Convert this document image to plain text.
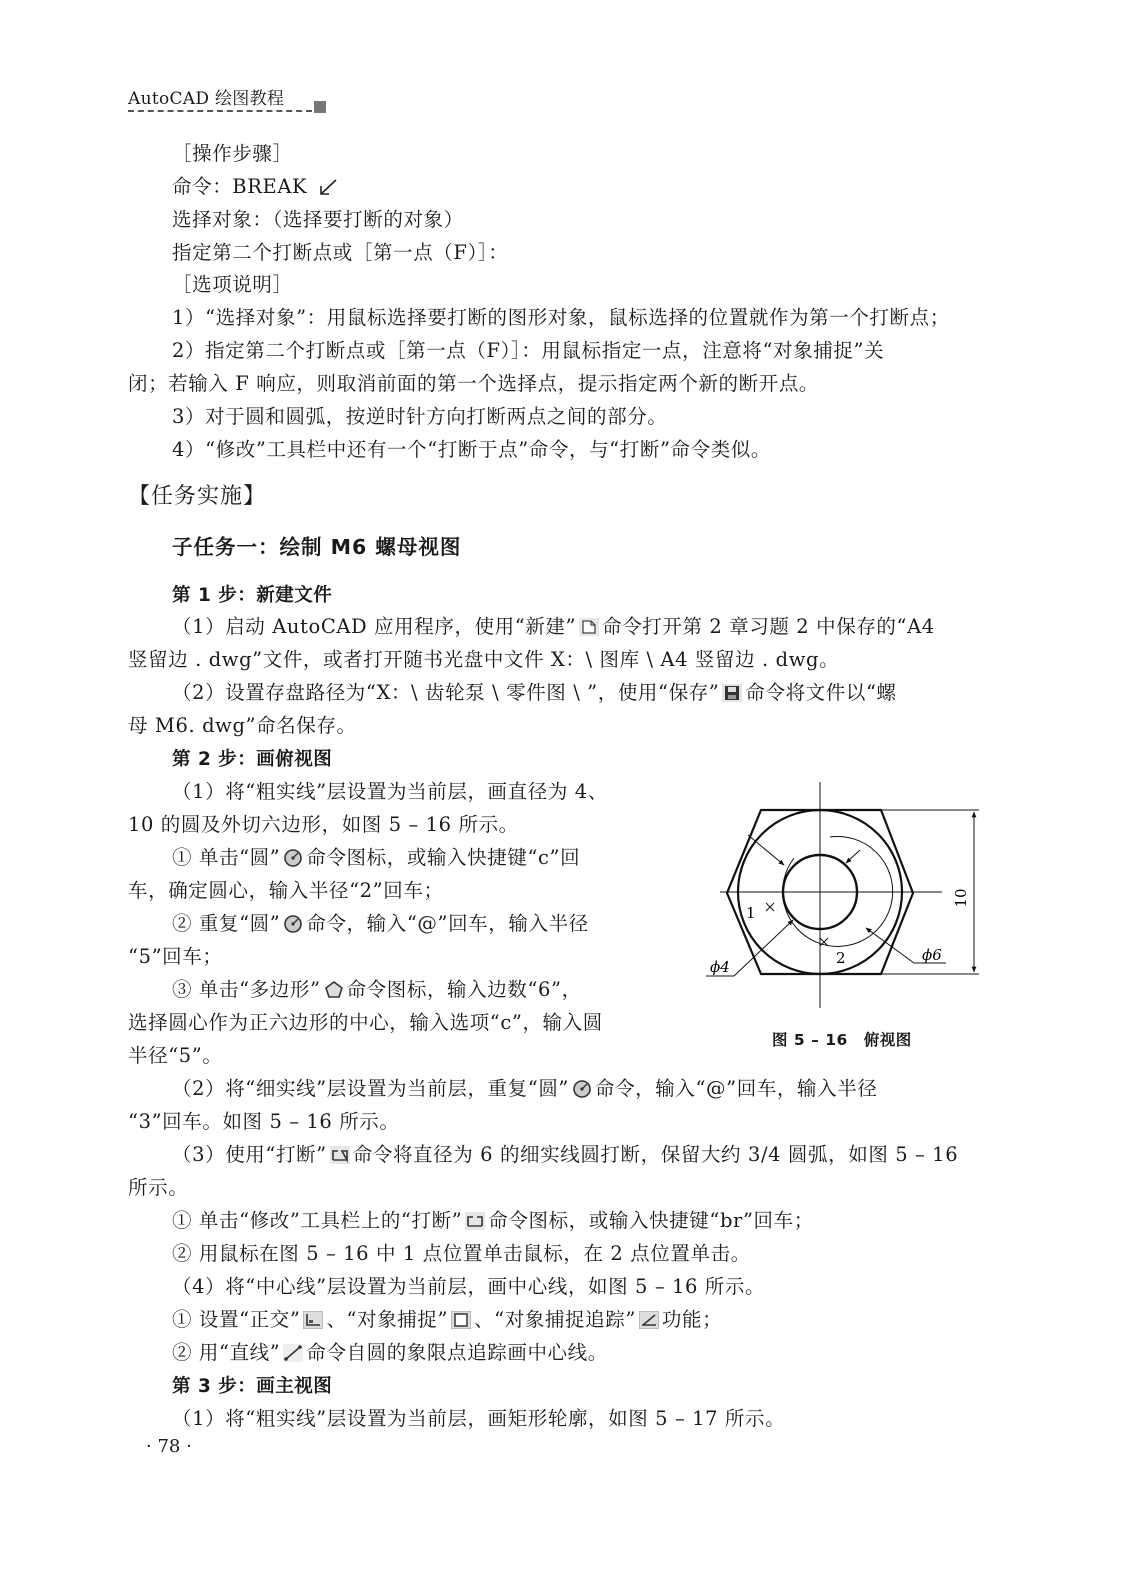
AutoCAD 绘图教程
［操作步骤］
命令：BREAK
选择对象：（选择要打断的对象）
指定第二个打断点或［第一点（F）］：
［选项说明］
1）“选择对象”：用鼠标选择要打断的图形对象，鼠标选择的位置就作为第一个打断点；
2）指定第二个打断点或［第一点（F）］：用鼠标指定一点，注意将“对象捕捉”关
闭；若输入 F 响应，则取消前面的第一个选择点，提示指定两个新的断开点。
3）对于圆和圆弧，按逆时针方向打断两点之间的部分。
4）“修改”工具栏中还有一个“打断于点”命令，与“打断”命令类似。
【任务实施】
子任务一：绘制 M6 螺母视图
第 1 步：新建文件
（1）启动 AutoCAD 应用程序，使用“新建” 命令打开第 2 章习题 2 中保存的“A4
竖留边 . dwg”文件，或者打开随书光盘中文件 X：\ 图库 \ A4 竖留边 . dwg。
（2）设置存盘路径为“X：\ 齿轮泵 \ 零件图 \ ”，使用“保存” 命令将文件以“螺
母 M6. dwg”命名保存。
第 2 步：画俯视图
（1）将“粗实线”层设置为当前层，画直径为 4、
10 的圆及外切六边形，如图 5 – 16 所示。
① 单击“圆” 命令图标，或输入快捷键“c”回
车，确定圆心，输入半径“2”回车；
② 重复“圆” 命令，输入“@”回车，输入半径
“5”回车；
③ 单击“多边形” 命令图标，输入边数“6”，
选择圆心作为正六边形的中心，输入选项“c”，输入圆
半径“5”。
10
1
2
ϕ4
ϕ6
图 5 – 16　俯视图
（2）将“细实线”层设置为当前层，重复“圆” 命令，输入“@”回车，输入半径
“3”回车。如图 5 – 16 所示。
（3）使用“打断” 命令将直径为 6 的细实线圆打断，保留大约 3/4 圆弧，如图 5 – 16
所示。
① 单击“修改”工具栏上的“打断” 命令图标，或输入快捷键“br”回车；
② 用鼠标在图 5 – 16 中 1 点位置单击鼠标，在 2 点位置单击。
（4）将“中心线”层设置为当前层，画中心线，如图 5 – 16 所示。
① 设置“正交” 、“对象捕捉” 、“对象捕捉追踪” 功能；
② 用“直线” 命令自圆的象限点追踪画中心线。
第 3 步：画主视图
（1）将“粗实线”层设置为当前层，画矩形轮廓，如图 5 – 17 所示。
· 78 ·
